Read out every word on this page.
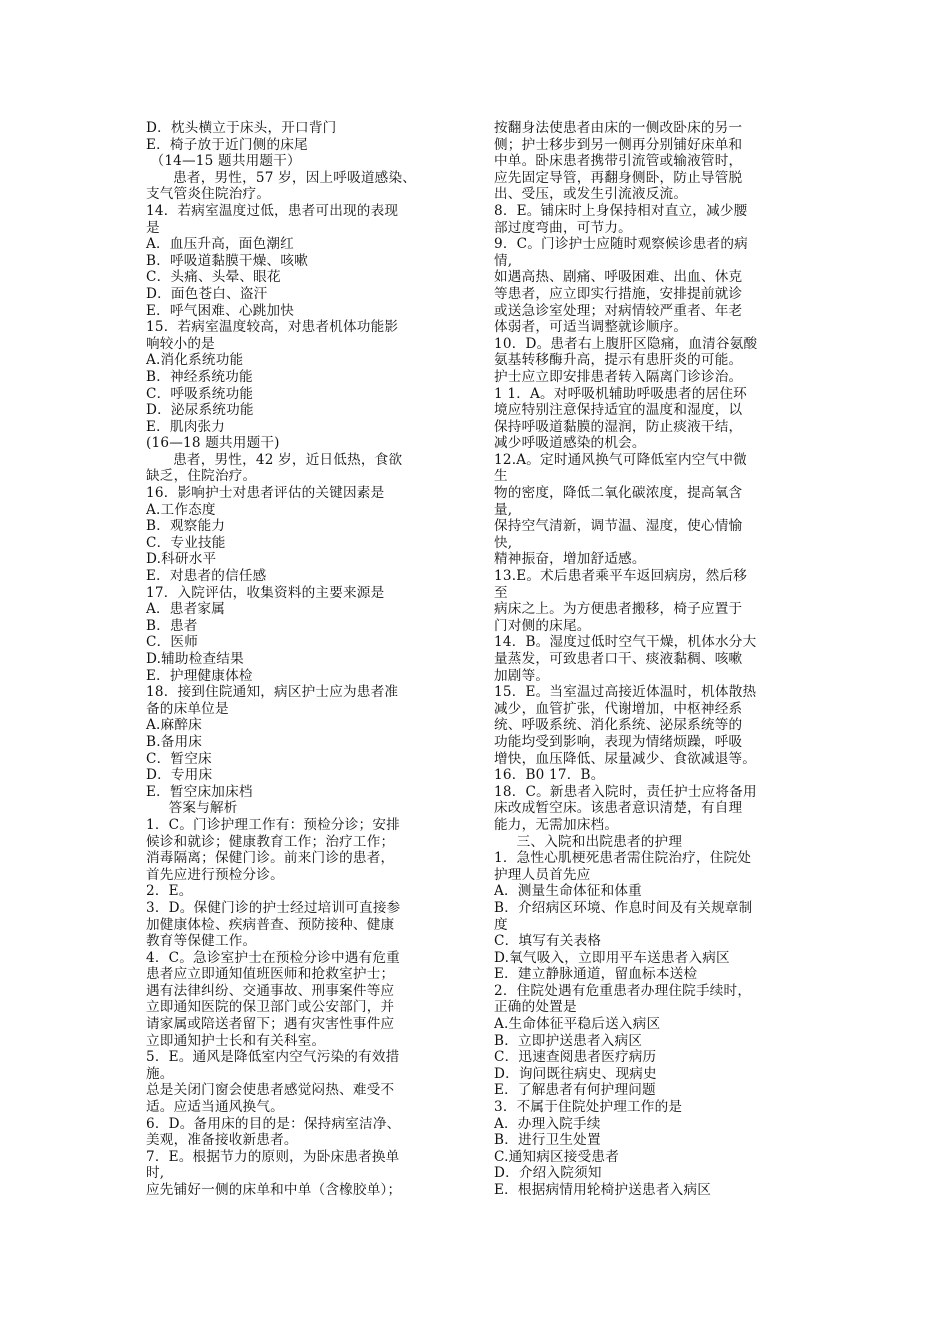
D．枕头横立于床头，开口背门
E．椅子放于近门侧的床尾
（14—15 题共用题干）
患者，男性，57 岁，因上呼吸道感染、
支气管炎住院治疗。
14．若病室温度过低，患者可出现的表现
是
A．血压升高，面色潮红
B．呼吸道黏膜干燥、咳嗽
C．头痛、头晕、眼花
D．面色苍白、盗汗
E．呼气困难、心跳加快
15．若病室温度较高，对患者机体功能影
响较小的是
A.消化系统功能
B．神经系统功能
C．呼吸系统功能
D．泌尿系统功能
E．肌肉张力
(16—18 题共用题干)
患者，男性，42 岁，近日低热，食欲
缺乏，住院治疗。
16．影响护士对患者评估的关键因素是
A.工作态度
B．观察能力
C．专业技能
D.科研水平
E．对患者的信任感
17．入院评估，收集资料的主要来源是
A．患者家属
B．患者
C．医师
D.辅助检查结果
E．护理健康体检
18．接到住院通知，病区护士应为患者准
备的床单位是
A.麻醉床
B.备用床
C．暂空床
D．专用床
E．暂空床加床档
答案与解析
1．C。门诊护理工作有：预检分诊；安排
候诊和就诊；健康教育工作；治疗工作；
消毒隔离；保健门诊。前来门诊的患者，
首先应进行预检分诊。
2．E。
3．D。保健门诊的护士经过培训可直接参
加健康体检、疾病普查、预防接种、健康
教育等保健工作。
4．C。急诊室护士在预检分诊中遇有危重
患者应立即通知值班医师和抢救室护士；
遇有法律纠纷、交通事故、刑事案件等应
立即通知医院的保卫部门或公安部门，并
请家属或陪送者留下；遇有灾害性事件应
立即通知护士长和有关科室。
5．E。通风是降低室内空气污染的有效措
施。
总是关闭门窗会使患者感觉闷热、难受不
适。应适当通风换气。
6．D。备用床的目的是：保持病室洁净、
美观，准备接收新患者。
7．E。根据节力的原则，为卧床患者换单
时,
应先铺好一侧的床单和中单（含橡胶单）；
按翻身法使患者由床的一侧改卧床的另一
侧；护士移步到另一侧再分别铺好床单和
中单。卧床患者携带引流管或输液管时，
应先固定导管，再翻身侧卧，防止导管脱
出、受压，或发生引流液反流。
8．E。铺床时上身保持相对直立，减少腰
部过度弯曲，可节力。
9．C。门诊护士应随时观察候诊患者的病
情,
如遇高热、剧痛、呼吸困难、出血、休克
等患者，应立即实行措施，安排提前就诊
或送急诊室处理；对病情较严重者、年老
体弱者，可适当调整就诊顺序。
10．D。患者右上腹肝区隐痛，血清谷氨酸
氨基转移酶升高，提示有患肝炎的可能。
护士应立即安排患者转入隔离门诊诊治。
1 1．A。对呼吸机辅助呼吸患者的居住环
境应特别注意保持适宜的温度和湿度，以
保持呼吸道黏膜的湿润，防止痰液干结，
减少呼吸道感染的机会。
12.A。定时通风换气可降低室内空气中微
生
物的密度，降低二氧化碳浓度，提高氧含
量,
保持空气清新，调节温、湿度，使心情愉
快,
精神振奋，增加舒适感。
13.E。术后患者乘平车返回病房，然后移
至
病床之上。为方便患者搬移，椅子应置于
门对侧的床尾。
14．B。湿度过低时空气干燥，机体水分大
量蒸发，可致患者口干、痰液黏稠、咳嗽
加剧等。
15．E。当室温过高接近体温时，机体散热
减少，血管扩张，代谢增加，中枢神经系
统、呼吸系统、消化系统、泌尿系统等的
功能均受到影响，表现为情绪烦躁，呼吸
增快，血压降低、尿量减少、食欲减退等。
16．B0 17．B。
18．C。新患者入院时，责任护士应将备用
床改成暂空床。该患者意识清楚，有自理
能力，无需加床档。
三、入院和出院患者的护理
1．急性心肌梗死患者需住院治疗，住院处
护理人员首先应
A．测量生命体征和体重
B．介绍病区环境、作息时间及有关规章制
度
C．填写有关表格
D.氧气吸入，立即用平车送患者入病区
E．建立静脉通道，留血标本送检
2．住院处遇有危重患者办理住院手续时，
正确的处置是
A.生命体征平稳后送入病区
B．立即护送患者入病区
C．迅速查阅患者医疗病历
D．询问既往病史、现病史
E．了解患者有何护理问题
3．不属于住院处护理工作的是
A．办理入院手续
B．进行卫生处置
C.通知病区接受患者
D．介绍入院须知
E．根据病情用轮椅护送患者入病区
